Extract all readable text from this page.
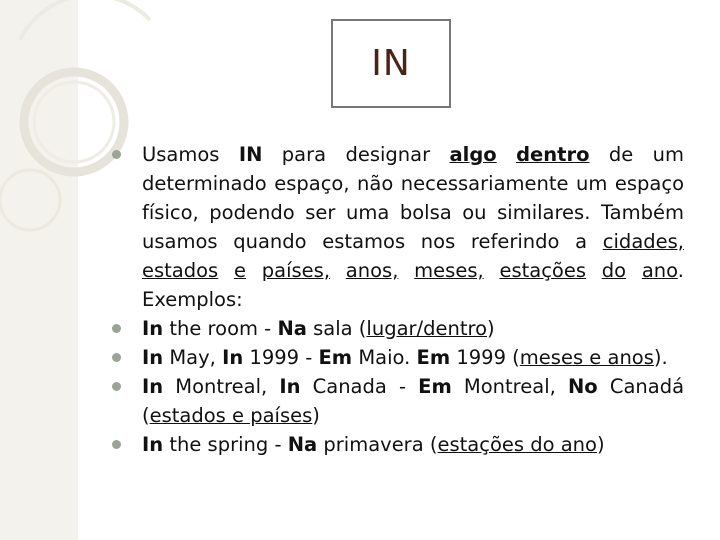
IN

Usamos IN para designar algo dentro de um determinado espaço, não necessariamente um espaço físico, podendo ser uma bolsa ou similares. Também usamos quando estamos nos referindo a cidades, estados e países, anos, meses, estações do ano. Exemplos:

In the room - Na sala (lugar/dentro)

In May, In 1999 - Em Maio. Em 1999 (meses e anos).

In Montreal, In Canada - Em Montreal, No Canadá (estados e países)

In the spring - Na primavera (estações do ano)
